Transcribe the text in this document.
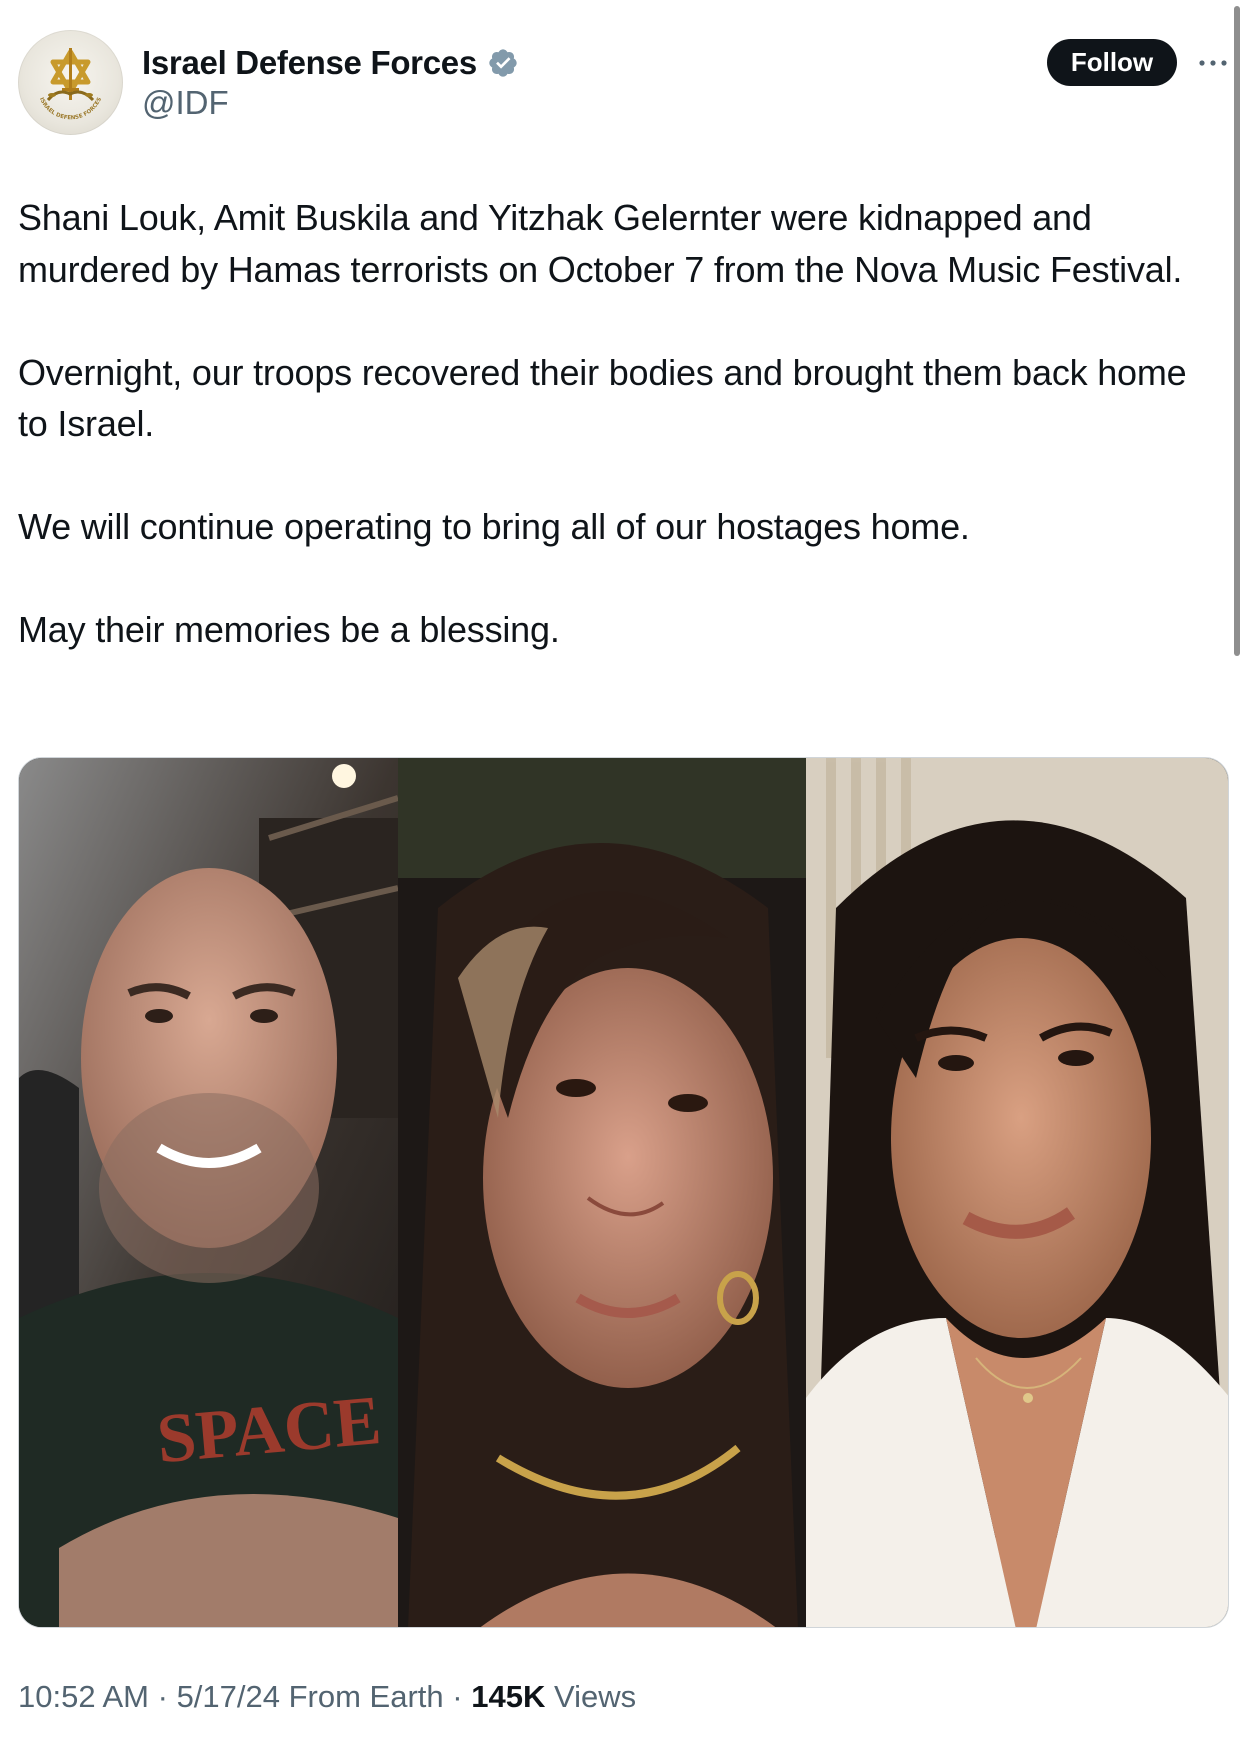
ISRAEL DEFENSE FORCES
Israel Defense Forces
@IDF
Follow

Shani Louk, Amit Buskila and Yitzhak Gelernter were kidnapped and murdered by Hamas terrorists on October 7 from the Nova Music Festival.

Overnight, our troops recovered their bodies and brought them back home to Israel.

We will continue operating to bring all of our hostages home.

May their memories be a blessing.

SPACE
10:52 AM · 5/17/24 From Earth · 145K Views
